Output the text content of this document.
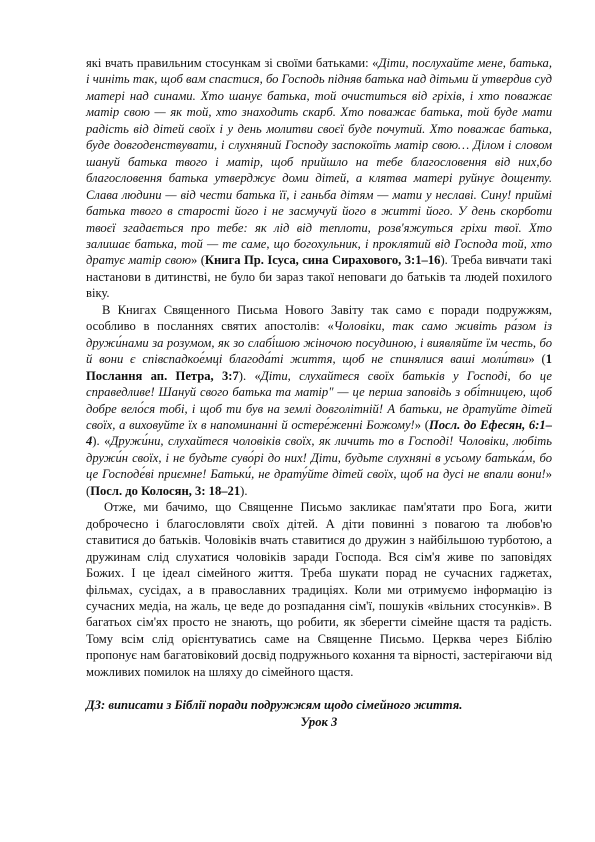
які вчать правильним стосункам зі своїми батьками: «Діти, послухайте мене, батька, і чиніть так, щоб вам спастися, бо Господь підняв батька над дітьми й утвердив суд матері над синами. Хто шанує батька, той очиститься від гріхів, і хто поважає матір свою — як той, хто знаходить скарб. Хто поважає батька, той буде мати радість від дітей своїх і у день молитви своєї буде почутий. Хто поважає батька, буде довгоденствувати, і слухняний Господу заспокоїть матір свою… Ділом і словом шануй батька твого і матір, щоб прийшло на тебе благословення від них,бо благословення батька утверджує доми дітей, а клятва матері руйнує дощенту. Слава людини — від чести батька її, і ганьба дітям — мати у неславі. Сину! приймі батька твого в старості його і не засмучуй його в житті його. У день скорботи твоєї згадається про тебе: як лід від теплоти, розв'яжуться гріхи твої. Хто залишає батька, той — те саме, що богохульник, і проклятий від Господа той, хто дратує матір свою» (Книга Пр. Ісуса, сина Сирахового, 3:1–16). Треба вивчати такі настанови в дитинстві, не було би зараз такої неповаги до батьків та людей похилого віку.

В Книгах Священного Письма Нового Завіту так само є поради подружжям, особливо в посланнях святих апостолів: «Чоловіки, так само живіть ра́зом із дружи́нами за розумом, як зо слабі́шою жіночою посудиною, і виявляйте їм честь, бо й вони є співспадкое́мці благода́ті життя, щоб не спинялися ваші моли́тви» (1 Послання ап. Петра, 3:7). «Діти, слухайтеся своїх батьків у Господі, бо це справедливе! Шануй свого батька та матір" — це перша заповідь з обі́тницею, щоб добре вело́ся тобі, і щоб ти був на землі довголітній! А батьки, не дратуйте дітей своїх, а виховуйте їх в напоминанні й остере́женні Божому!» (Посл. до Ефесян, 6:1–4). «Дружи́ни, слухайтеся чоловіків своїх, як личить то в Господі! Чоловіки, любіть дружи́н своїх, і не будьте суво́рі до них! Діти, будьте слухняні в усьому батька́м, бо це Господе́ві приємне! Батьки́, не драту́йте дітей своїх, щоб на дусі не впали вони!» (Посл. до Колосян, 3: 18–21).

Отже, ми бачимо, що Священне Письмо закликає пам'ятати про Бога, жити доброчесно і благословляти своїх дітей. А діти повинні з повагою та любов'ю ставитися до батьків. Чоловіків вчать ставитися до дружин з найбільшою турботою, а дружинам слід слухатися чоловіків заради Господа. Вся сім'я живе по заповідях Божих. І це ідеал сімейного життя. Треба шукати порад не сучасних гаджетах, фільмах, сусідах, а в православних традиціях. Коли ми отримуємо інформацію із сучасних медіа, на жаль, це веде до розпадання сім'ї, пошуків «вільних стосунків». В багатьох сім'ях просто не знають, що робити, як зберегти сімейне щастя та радість. Тому всім слід орієнтуватись саме на Священне Письмо. Церква через Біблію пропонує нам багатовіковий досвід подружнього кохання та вірності, застерігаючи від можливих помилок на шляху до сімейного щастя.

ДЗ: виписати з Біблії поради подружжям щодо сімейного життя.

Урок 3
